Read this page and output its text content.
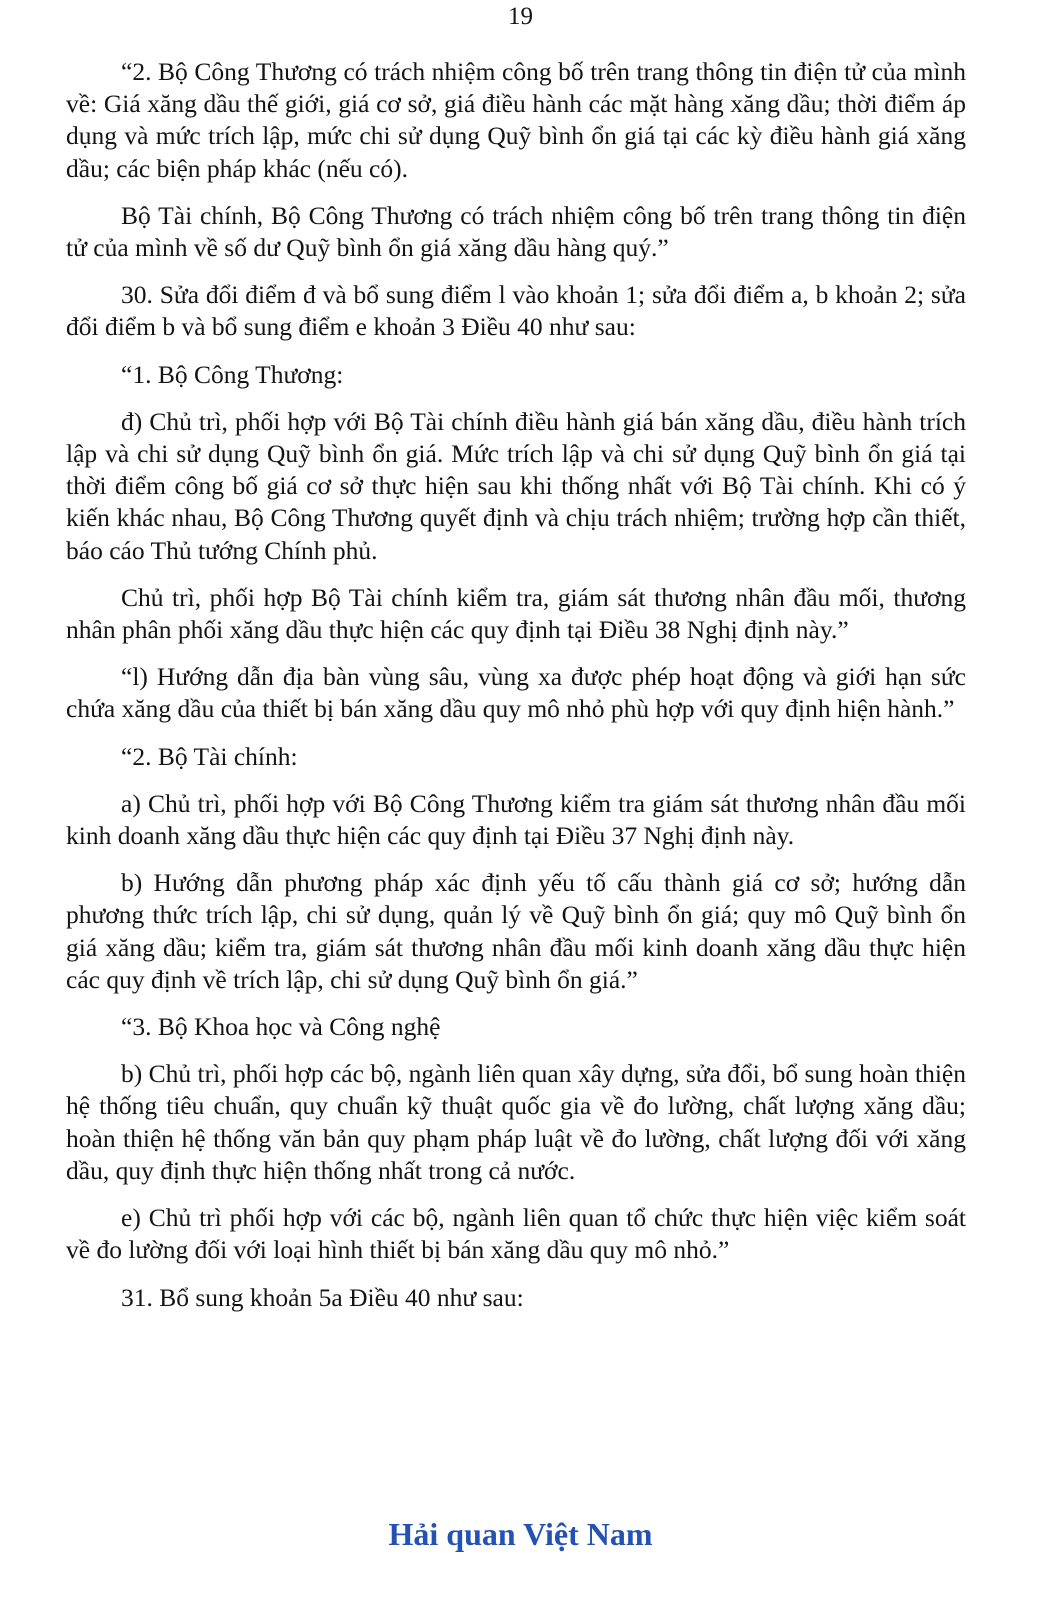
19

“2. Bộ Công Thương có trách nhiệm công bố trên trang thông tin điện tử của mình về: Giá xăng dầu thế giới, giá cơ sở, giá điều hành các mặt hàng xăng dầu; thời điểm áp dụng và mức trích lập, mức chi sử dụng Quỹ bình ổn giá tại các kỳ điều hành giá xăng dầu; các biện pháp khác (nếu có).

Bộ Tài chính, Bộ Công Thương có trách nhiệm công bố trên trang thông tin điện tử của mình về số dư Quỹ bình ổn giá xăng dầu hàng quý.”

30. Sửa đổi điểm đ và bổ sung điểm l vào khoản 1; sửa đổi điểm a, b khoản 2; sửa đổi điểm b và bổ sung điểm e khoản 3 Điều 40 như sau:

“1. Bộ Công Thương:

đ) Chủ trì, phối hợp với Bộ Tài chính điều hành giá bán xăng dầu, điều hành trích lập và chi sử dụng Quỹ bình ổn giá. Mức trích lập và chi sử dụng Quỹ bình ổn giá tại thời điểm công bố giá cơ sở thực hiện sau khi thống nhất với Bộ Tài chính. Khi có ý kiến khác nhau, Bộ Công Thương quyết định và chịu trách nhiệm; trường hợp cần thiết, báo cáo Thủ tướng Chính phủ.

Chủ trì, phối hợp Bộ Tài chính kiểm tra, giám sát thương nhân đầu mối, thương nhân phân phối xăng dầu thực hiện các quy định tại Điều 38 Nghị định này.”

“l) Hướng dẫn địa bàn vùng sâu, vùng xa được phép hoạt động và giới hạn sức chứa xăng dầu của thiết bị bán xăng dầu quy mô nhỏ phù hợp với quy định hiện hành.”

“2. Bộ Tài chính:

a) Chủ trì, phối hợp với Bộ Công Thương kiểm tra giám sát thương nhân đầu mối kinh doanh xăng dầu thực hiện các quy định tại Điều 37 Nghị định này.

b) Hướng dẫn phương pháp xác định yếu tố cấu thành giá cơ sở; hướng dẫn phương thức trích lập, chi sử dụng, quản lý về Quỹ bình ổn giá; quy mô Quỹ bình ổn giá xăng dầu; kiểm tra, giám sát thương nhân đầu mối kinh doanh xăng dầu thực hiện các quy định về trích lập, chi sử dụng Quỹ bình ổn giá.”

“3. Bộ Khoa học và Công nghệ

b) Chủ trì, phối hợp các bộ, ngành liên quan xây dựng, sửa đổi, bổ sung hoàn thiện hệ thống tiêu chuẩn, quy chuẩn kỹ thuật quốc gia về đo lường, chất lượng xăng dầu; hoàn thiện hệ thống văn bản quy phạm pháp luật về đo lường, chất lượng đối với xăng dầu, quy định thực hiện thống nhất trong cả nước.

e) Chủ trì phối hợp với các bộ, ngành liên quan tổ chức thực hiện việc kiểm soát về đo lường đối với loại hình thiết bị bán xăng dầu quy mô nhỏ.”

31. Bổ sung khoản 5a Điều 40 như sau:

Hải quan Việt Nam
